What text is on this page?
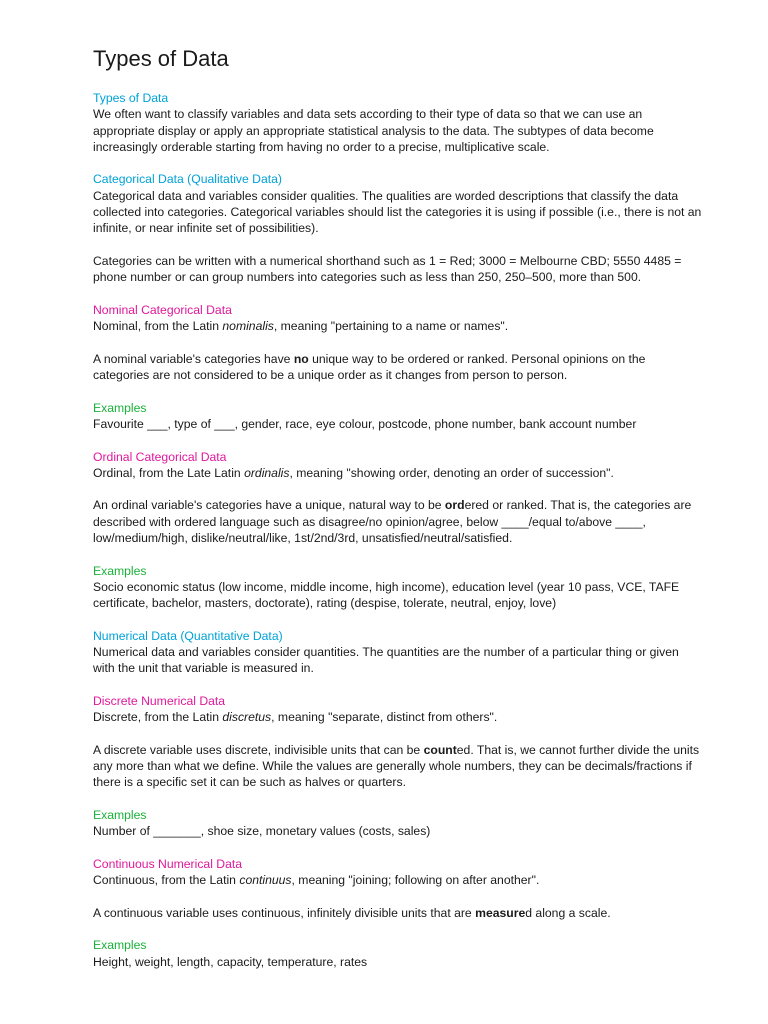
Types of Data
Types of Data

We often want to classify variables and data sets according to their type of data so that we can use an appropriate display or apply an appropriate statistical analysis to the data. The subtypes of data become increasingly orderable starting from having no order to a precise, multiplicative scale.

Categorical Data (Qualitative Data)

Categorical data and variables consider qualities. The qualities are worded descriptions that classify the data collected into categories. Categorical variables should list the categories it is using if possible (i.e., there is not an infinite, or near infinite set of possibilities).

Categories can be written with a numerical shorthand such as 1 = Red; 3000 = Melbourne CBD; 5550 4485 = phone number or can group numbers into categories such as less than 250, 250–500, more than 500.

Nominal Categorical Data

Nominal, from the Latin nominalis, meaning "pertaining to a name or names".

A nominal variable's categories have no unique way to be ordered or ranked. Personal opinions on the categories are not considered to be a unique order as it changes from person to person.

Examples

Favourite ___, type of ___, gender, race, eye colour, postcode, phone number, bank account number

Ordinal Categorical Data

Ordinal, from the Late Latin ordinalis, meaning "showing order, denoting an order of succession".

An ordinal variable's categories have a unique, natural way to be ordered or ranked. That is, the categories are described with ordered language such as disagree/no opinion/agree, below ____/equal to/above ____, low/medium/high, dislike/neutral/like, 1st/2nd/3rd, unsatisfied/neutral/satisfied.

Examples

Socio economic status (low income, middle income, high income), education level (year 10 pass, VCE, TAFE certificate, bachelor, masters, doctorate), rating (despise, tolerate, neutral, enjoy, love)

Numerical Data (Quantitative Data)

Numerical data and variables consider quantities. The quantities are the number of a particular thing or given with the unit that variable is measured in.

Discrete Numerical Data

Discrete, from the Latin discretus, meaning "separate, distinct from others".

A discrete variable uses discrete, indivisible units that can be counted. That is, we cannot further divide the units any more than what we define. While the values are generally whole numbers, they can be decimals/fractions if there is a specific set it can be such as halves or quarters.

Examples

Number of _______, shoe size, monetary values (costs, sales)

Continuous Numerical Data

Continuous, from the Latin continuus, meaning "joining; following on after another".

A continuous variable uses continuous, infinitely divisible units that are measured along a scale.

Examples

Height, weight, length, capacity, temperature, rates
